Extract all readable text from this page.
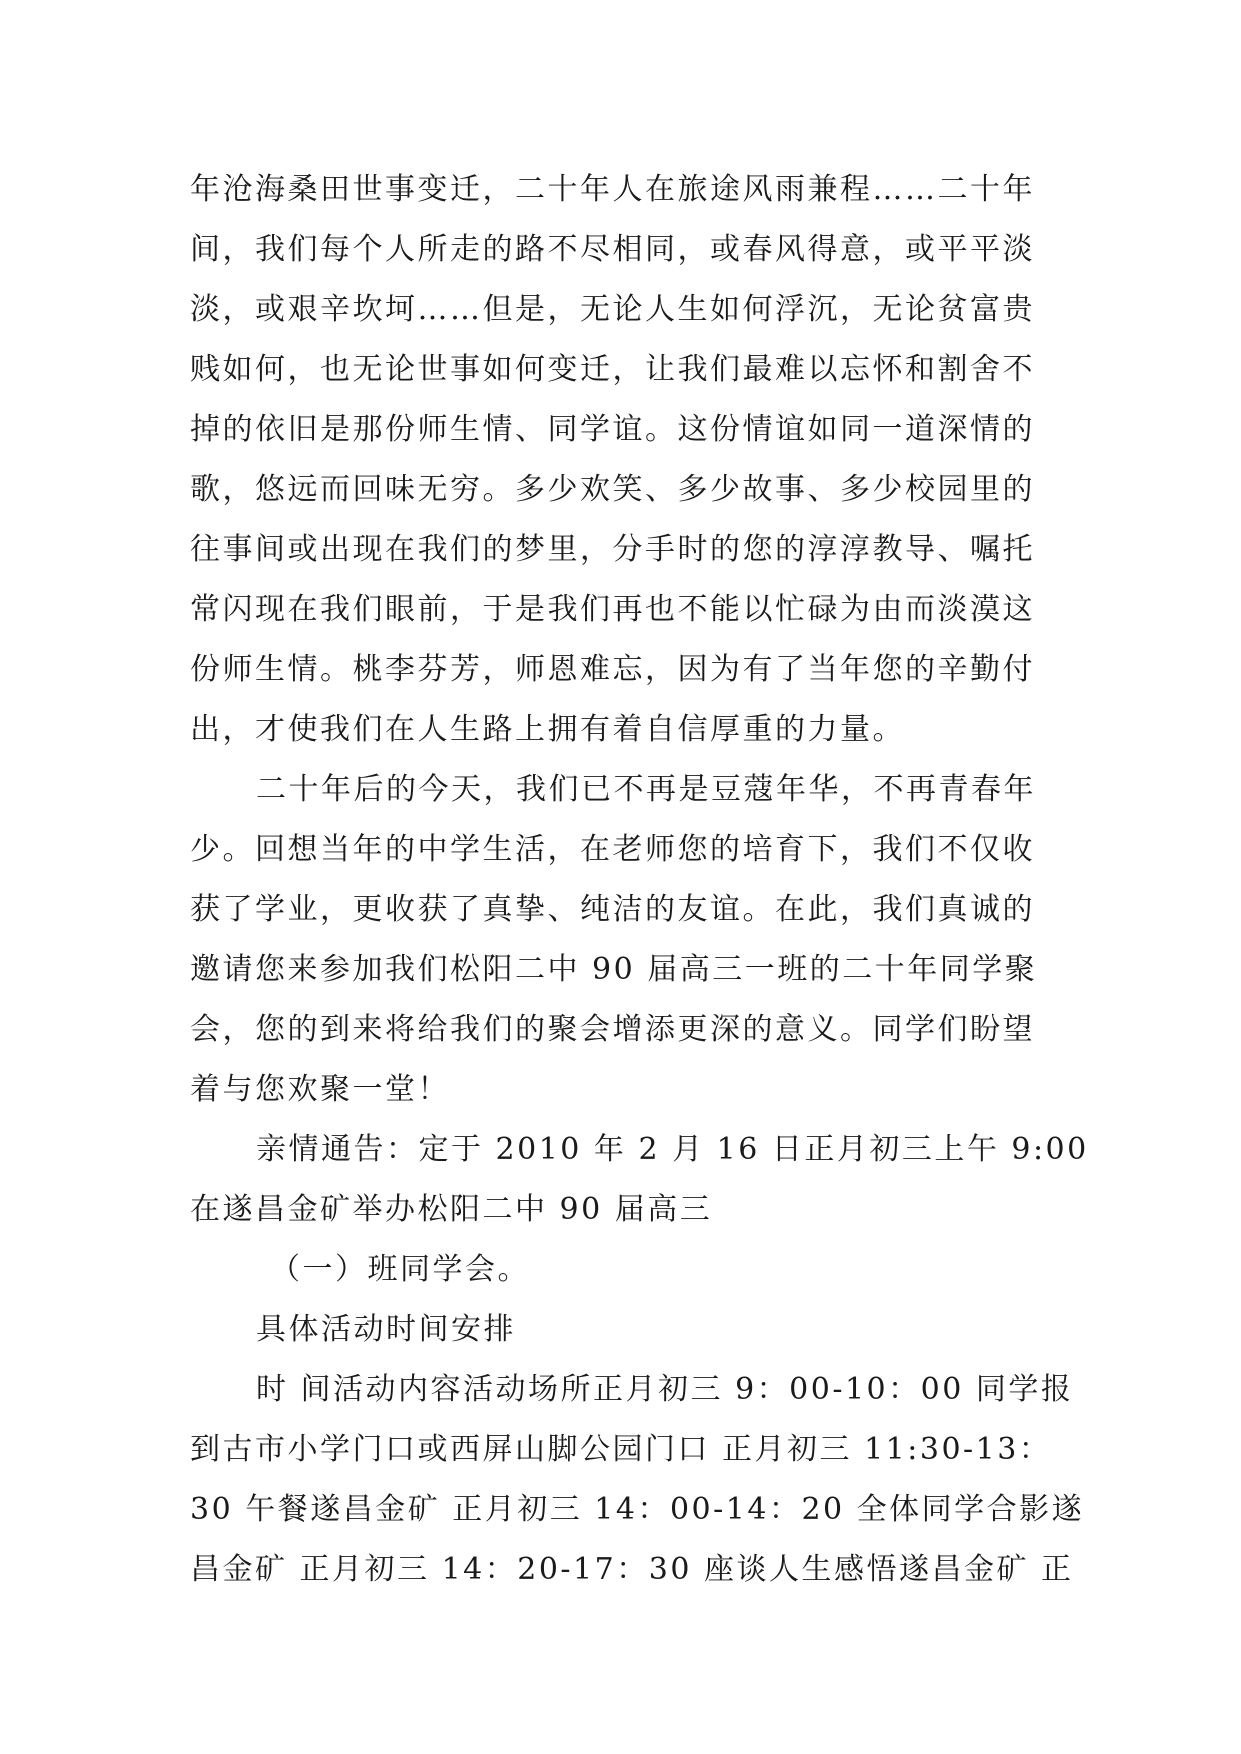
年沧海桑田世事变迁，二十年人在旅途风雨兼程……二十年
间，我们每个人所走的路不尽相同，或春风得意，或平平淡
淡，或艰辛坎坷……但是，无论人生如何浮沉，无论贫富贵
贱如何，也无论世事如何变迁，让我们最难以忘怀和割舍不
掉的依旧是那份师生情、同学谊。这份情谊如同一道深情的
歌，悠远而回味无穷。多少欢笑、多少故事、多少校园里的
往事间或出现在我们的梦里，分手时的您的淳淳教导、嘱托
常闪现在我们眼前，于是我们再也不能以忙碌为由而淡漠这
份师生情。桃李芬芳，师恩难忘，因为有了当年您的辛勤付
出，才使我们在人生路上拥有着自信厚重的力量。
二十年后的今天，我们已不再是豆蔻年华，不再青春年
少。回想当年的中学生活，在老师您的培育下，我们不仅收
获了学业，更收获了真挚、纯洁的友谊。在此，我们真诚的
邀请您来参加我们松阳二中 90 届高三一班的二十年同学聚
会，您的到来将给我们的聚会增添更深的意义。同学们盼望
着与您欢聚一堂！
亲情通告：定于 2010 年 2 月 16 日正月初三上午 9:00
在遂昌金矿举办松阳二中 90 届高三
（一）班同学会。
具体活动时间安排
时 间活动内容活动场所正月初三 9：00-10：00 同学报
到古市小学门口或西屏山脚公园门口 正月初三 11:30-13：
30 午餐遂昌金矿 正月初三 14：00-14：20 全体同学合影遂
昌金矿 正月初三 14：20-17：30 座谈人生感悟遂昌金矿 正
